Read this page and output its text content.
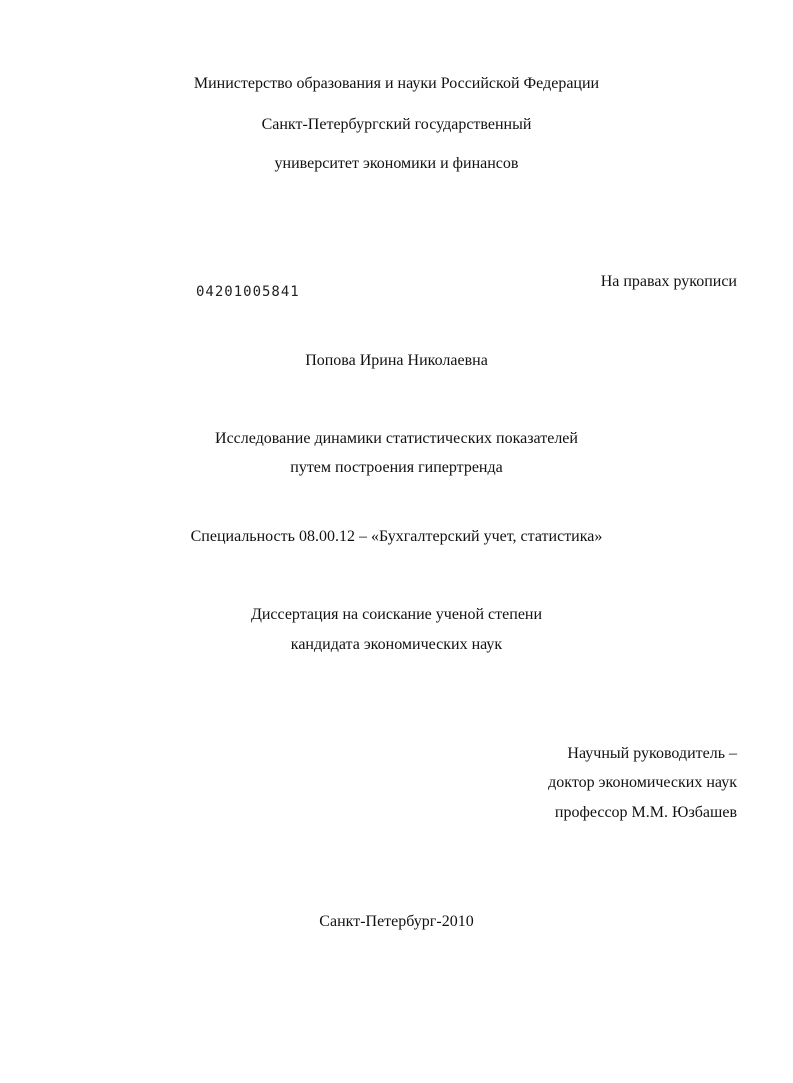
Министерство образования и науки Российской Федерации
Санкт-Петербургский государственный
университет экономики и финансов
04201005841
На правах рукописи
Попова Ирина Николаевна
Исследование динамики статистических показателей
путем построения гипертренда
Специальность 08.00.12 – «Бухгалтерский учет, статистика»
Диссертация на соискание ученой степени
кандидата экономических наук
Научный руководитель –
доктор экономических наук
профессор М.М. Юзбашев
Санкт-Петербург-2010
